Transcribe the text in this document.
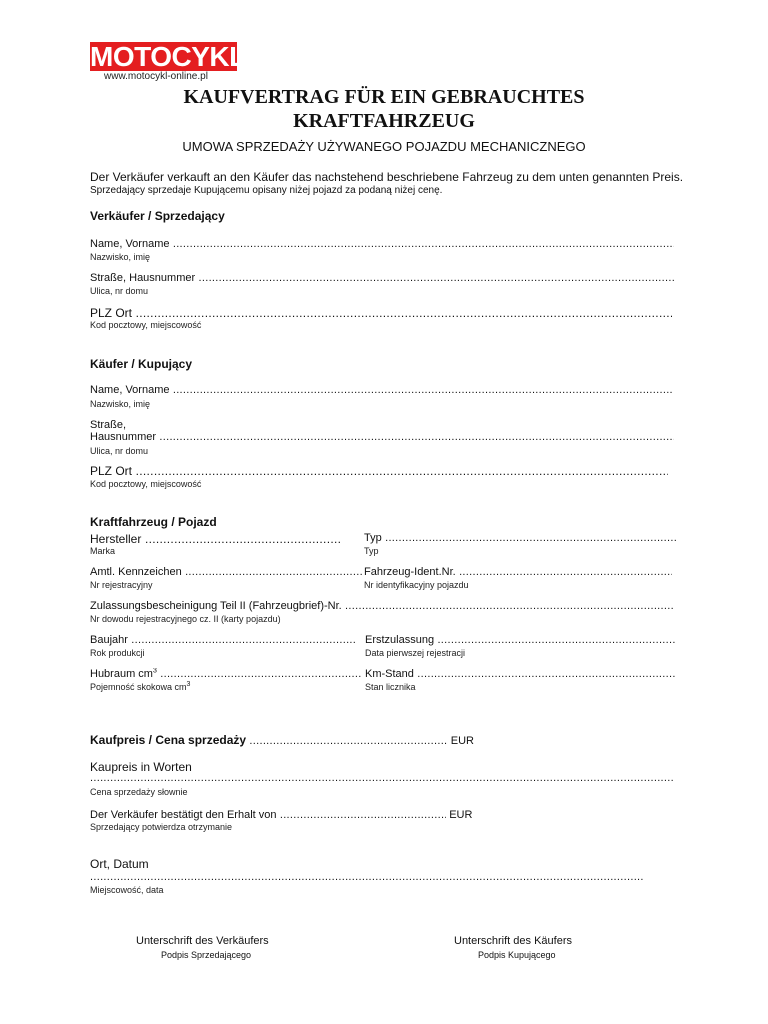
MOTOCYKL
www.motocykl-online.pl
KAUFVERTRAG FÜR EIN GEBRAUCHTES
KRAFTFAHRZEUG
UMOWA SPRZEDAŻY UŻYWANEGO POJAZDU MECHANICZNEGO
Der Verkäufer verkauft an den Käufer das nachstehend beschriebene Fahrzeug zu dem unten genannten Preis.
Sprzedający sprzedaje Kupującemu opisany niżej pojazd za podaną niżej cenę.
Verkäufer / Sprzedający
Name, Vorname .....
Nazwisko, imię
Straße, Hausnummer .....
Ulica, nr domu
PLZ Ort .....
Kod pocztowy, miejscowość
Käufer / Kupujący
Name, Vorname .....
Nazwisko, imię
Straße,
Hausnummer .....
Ulica, nr domu
PLZ Ort .....
Kod pocztowy, miejscowość
Kraftfahrzeug / Pojazd
Hersteller .....
Marka
Typ .....
Typ
Amtl. Kennzeichen .....
Nr rejestracyjny
Fahrzeug-Ident.Nr. .....
Nr identyfikacyjny pojazdu
Zulassungsbescheinigung Teil II (Fahrzeugbrief)-Nr. .....
Nr dowodu rejestracyjnego cz. II (karty pojazdu)
Baujahr .....
Rok produkcji
Erstzulassung .....
Data pierwszej rejestracji
Hubraum $cm^3$ .....
Pojemność skokowa $cm^3$
Km-Stand .....
Stan licznika
Kaufpreis / Cena sprzedaży .....	EUR
Kaupreis in Worten
.....
Cena sprzedaży słownie
Der Verkäufer bestätigt den Erhalt von .....	EUR
Sprzedający potwierdza otrzymanie
Ort, Datum
.....
Miejscowość, data
Unterschrift des Verkäufers
Podpis Sprzedającego
Unterschrift des Käufers
Podpis Kupującego
